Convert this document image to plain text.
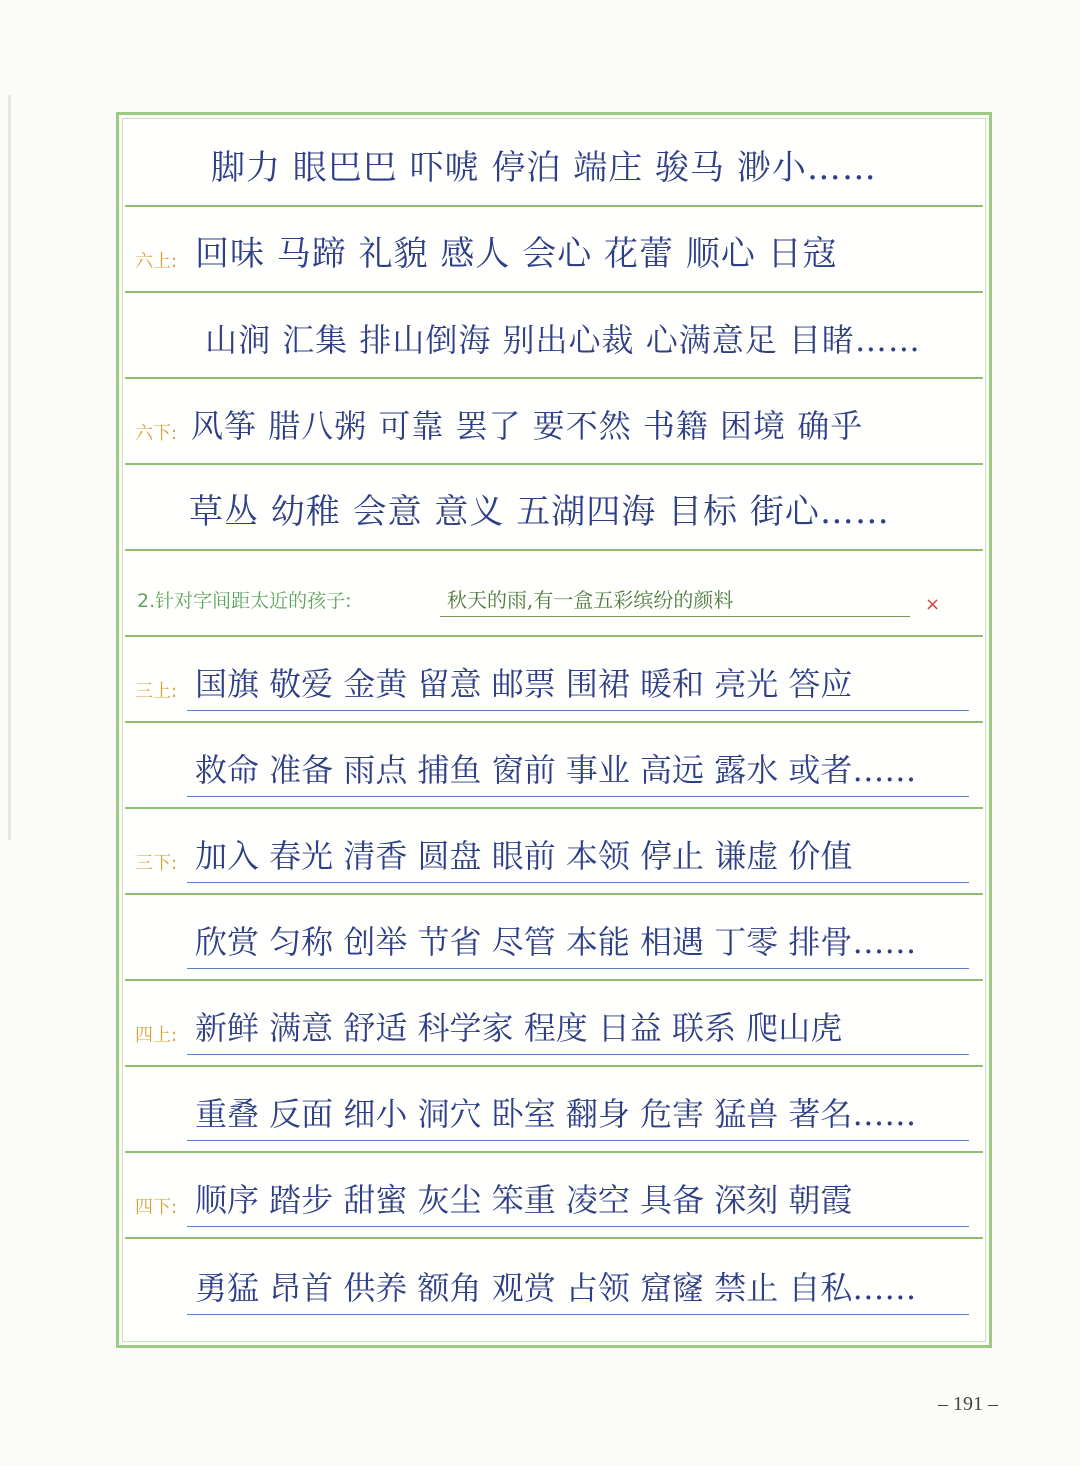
脚力 眼巴巴 吓唬 停泊 端庄 骏马 渺小……
六上: 回味 马蹄 礼貌 感人 会心 花蕾 顺心 日寇
山涧 汇集 排山倒海 别出心裁 心满意足 目睹……
六下: 风筝 腊八粥 可靠 罢了 要不然 书籍 困境 确乎
草丛 幼稚 会意 意义 五湖四海 目标 街心……
2.针对字间距太近的孩子:	秋天的雨,有一盒五彩缤纷的颜料	×
三上: 国旗 敬爱 金黄 留意 邮票 围裙 暖和 亮光 答应
救命 准备 雨点 捕鱼 窗前 事业 高远 露水 或者……
三下: 加入 春光 清香 圆盘 眼前 本领 停止 谦虚 价值
欣赏 匀称 创举 节省 尽管 本能 相遇 丁零 排骨……
四上: 新鲜 满意 舒适 科学家 程度 日益 联系 爬山虎
重叠 反面 细小 洞穴 卧室 翻身 危害 猛兽 著名……
四下: 顺序 踏步 甜蜜 灰尘 笨重 凌空 具备 深刻 朝霞
勇猛 昂首 供养 额角 观赏 占领 窟窿 禁止 自私……
– 191 –
